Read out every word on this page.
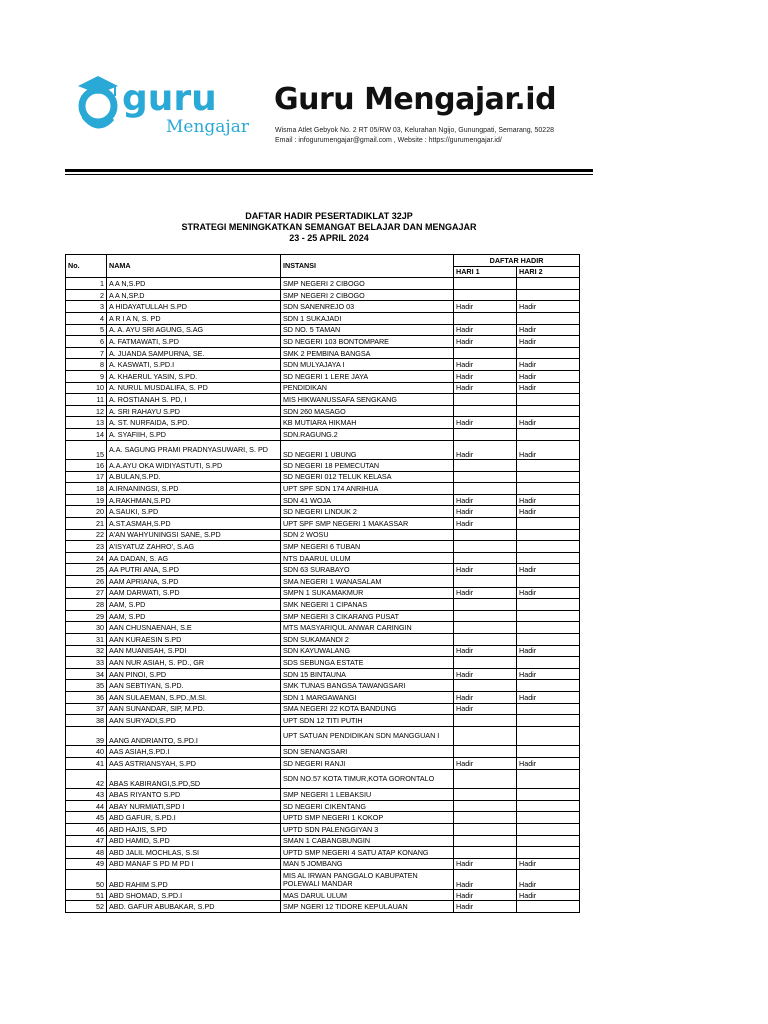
guru
Mengajar
Guru Mengajar.id
Wisma Atlet Gebyok No. 2 RT 05/RW 03, Kelurahan Ngijo, Gunungpati, Semarang, 50228
Email : infogurumengajar@gmail.com , Website : https://gurumengajar.id/
DAFTAR HADIR PESERTADIKLAT 32JP
STRATEGI MENINGKATKAN SEMANGAT BELAJAR DAN MENGAJAR
23 - 25 APRIL 2024
No.	NAMA	INSTANSI	DAFTAR HADIR	
			HARI 1	HARI 2
1	A A N,S.PD	SMP NEGERI 2 CIBOGO		
2	A A N,SP.D	SMP NEGERI 2 CIBOGO		
3	A HIDAYATULLAH S.PD	SDN SANENREJO 03	Hadir	Hadir
4	A R I A N, S. PD	SDN 1 SUKAJADI		
5	A. A. AYU SRI AGUNG, S.AG	SD NO. 5 TAMAN	Hadir	Hadir
6	A. FATMAWATI, S.PD	SD NEGERI 103 BONTOMPARE	Hadir	Hadir
7	A. JUANDA SAMPURNA, SE.	SMK 2 PEMBINA BANGSA		
8	A. KASWATI, S.PD.I	SDN MULYAJAYA I	Hadir	Hadir
9	A. KHAERUL YASIN, S.PD.	SD NEGERI 1 LERE JAYA	Hadir	Hadir
10	A. NURUL MUSDALIFA, S. PD	PENDIDIKAN	Hadir	Hadir
11	A. ROSTIANAH S. PD, I	MIS HIKWANUSSAFA SENGKANG		
12	A. SRI RAHAYU S.PD	SDN 260 MASAGO		
13	A. ST. NURFAIDA, S.PD.	KB MUTIARA HIKMAH	Hadir	Hadir
14	A. SYAFIIH, S.PD	SDN.RAGUNG.2		
15	A.A. SAGUNG PRAMI PRADNYASUWARI, S. PD	SD NEGERI 1 UBUNG	Hadir	Hadir
16	A.A.AYU OKA WIDIYASTUTI, S.PD	SD NEGERI 18 PEMECUTAN		
17	A.BULAN,S.PD.	SD NEGERI 012 TELUK KELASA		
18	A.IRNANINGSI, S.PD	UPT SPF SDN 174 ANRIHUA		
19	A.RAKHMAN,S.PD	SDN 41 WOJA	Hadir	Hadir
20	A.SAUKI, S.PD	SD NEGERI LINDUK 2	Hadir	Hadir
21	A.ST.ASMAH,S.PD	UPT SPF SMP NEGERI 1 MAKASSAR	Hadir	
22	A'AN WAHYUNINGSI SANE, S.PD	SDN 2 WOSU		
23	A'ISYATUZ ZAHRO', S.AG	SMP NEGERI 6 TUBAN		
24	AA DADAN, S. AG	NTS DAARUL ULUM		
25	AA PUTRI ANA, S.PD	SDN 63 SURABAYO	Hadir	Hadir
26	AAM APRIANA, S.PD	SMA NEGERI 1 WANASALAM		
27	AAM DARWATI, S.PD	SMPN 1 SUKAMAKMUR	Hadir	Hadir
28	AAM, S.PD	SMK NEGERI 1 CIPANAS		
29	AAM, S.PD	SMP NEGERI 3 CIKARANG PUSAT		
30	AAN CHUSNAENAH, S.E	MTS MASYARIQUL ANWAR CARINGIN		
31	AAN KURAESIN S.PD	SDN SUKAMANDI 2		
32	AAN MUANISAH, S.PDI	SDN KAYUWALANG	Hadir	Hadir
33	AAN NUR ASIAH, S. PD., GR	SDS SEBUNGA ESTATE		
34	AAN PINOI, S.PD	SDN 15 BINTAUNA	Hadir	Hadir
35	AAN SEBTIYAN, S.PD.	SMK TUNAS BANGSA TAWANGSARI		
36	AAN SULAEMAN, S.PD.,M.SI.	SDN 1 MARGAWANGI	Hadir	Hadir
37	AAN SUNANDAR, SIP, M.PD.	SMA NEGERI 22 KOTA BANDUNG	Hadir	
38	AAN SURYADI,S.PD	UPT SDN 12 TITI PUTIH		
39	AANG ANDRIANTO, S.PD.I	UPT SATUAN PENDIDIKAN SDN MANGGUAN I		
40	AAS ASIAH,S.PD.I	SDN SENANGSARI		
41	AAS ASTRIANSYAH, S.PD	SD NEGERI RANJI	Hadir	Hadir
42	ABAS KABIRANGI,S.PD,SD	SDN NO.57 KOTA TIMUR,KOTA GORONTALO		
43	ABAS RIYANTO S.PD	SMP NEGERI 1 LEBAKSIU		
44	ABAY NURMIATI,SPD I	SD NEGERI CIKENTANG		
45	ABD GAFUR, S.PD.I	UPTD SMP NEGERI 1 KOKOP		
46	ABD HAJIS, S.PD	UPTD SDN PALENGGIYAN 3		
47	ABD HAMID, S.PD	SMAN 1 CABANGBUNGIN		
48	ABD JALIL MOCHLAS, S.SI	UPTD SMP NEGERI 4 SATU ATAP KONANG		
49	ABD MANAF S PD M PD I	MAN 5 JOMBANG	Hadir	Hadir
50	ABD RAHIM S.PD	MIS AL IRWAN PANGGALO KABUPATEN POLEWALI MANDAR	Hadir	Hadir
51	ABD SHOMAD, S.PD.I	MAS DARUL ULUM	Hadir	Hadir
52	ABD. GAFUR ABUBAKAR, S.PD	SMP NGERI 12 TIDORE KEPULAUAN	Hadir	
